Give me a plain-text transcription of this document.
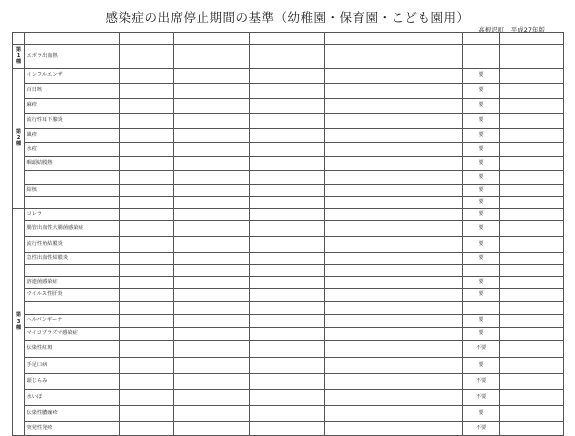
感染症の出席停止期間の基準（幼稚園・保育園・こども園用）
高根沢町　平成27年版

第1種	エボラ出血熱						
第2種	インフルエンザ					要	
	百日咳					要	
	麻疹					要	
	流行性耳下腺炎					要	
	風疹					要	
	水痘					要	
	咽頭結膜熱					要	
						要	
	結核					要	
						要	
第3種	コレラ					要	
	腸管出血性大腸菌感染症					要	
	流行性角結膜炎					要	
	急性出血性結膜炎					要	

	溶連菌感染症					要	
	ウイルス性肝炎					要	

	ヘルパンギーナ					要	
	マイコプラズマ感染症					要	
	伝染性紅斑					不要	
	手足口病					要	
	頭じらみ					不要	
	水いぼ					不要	
	伝染性膿痂疹					要	
	突発性発疹					不要	
